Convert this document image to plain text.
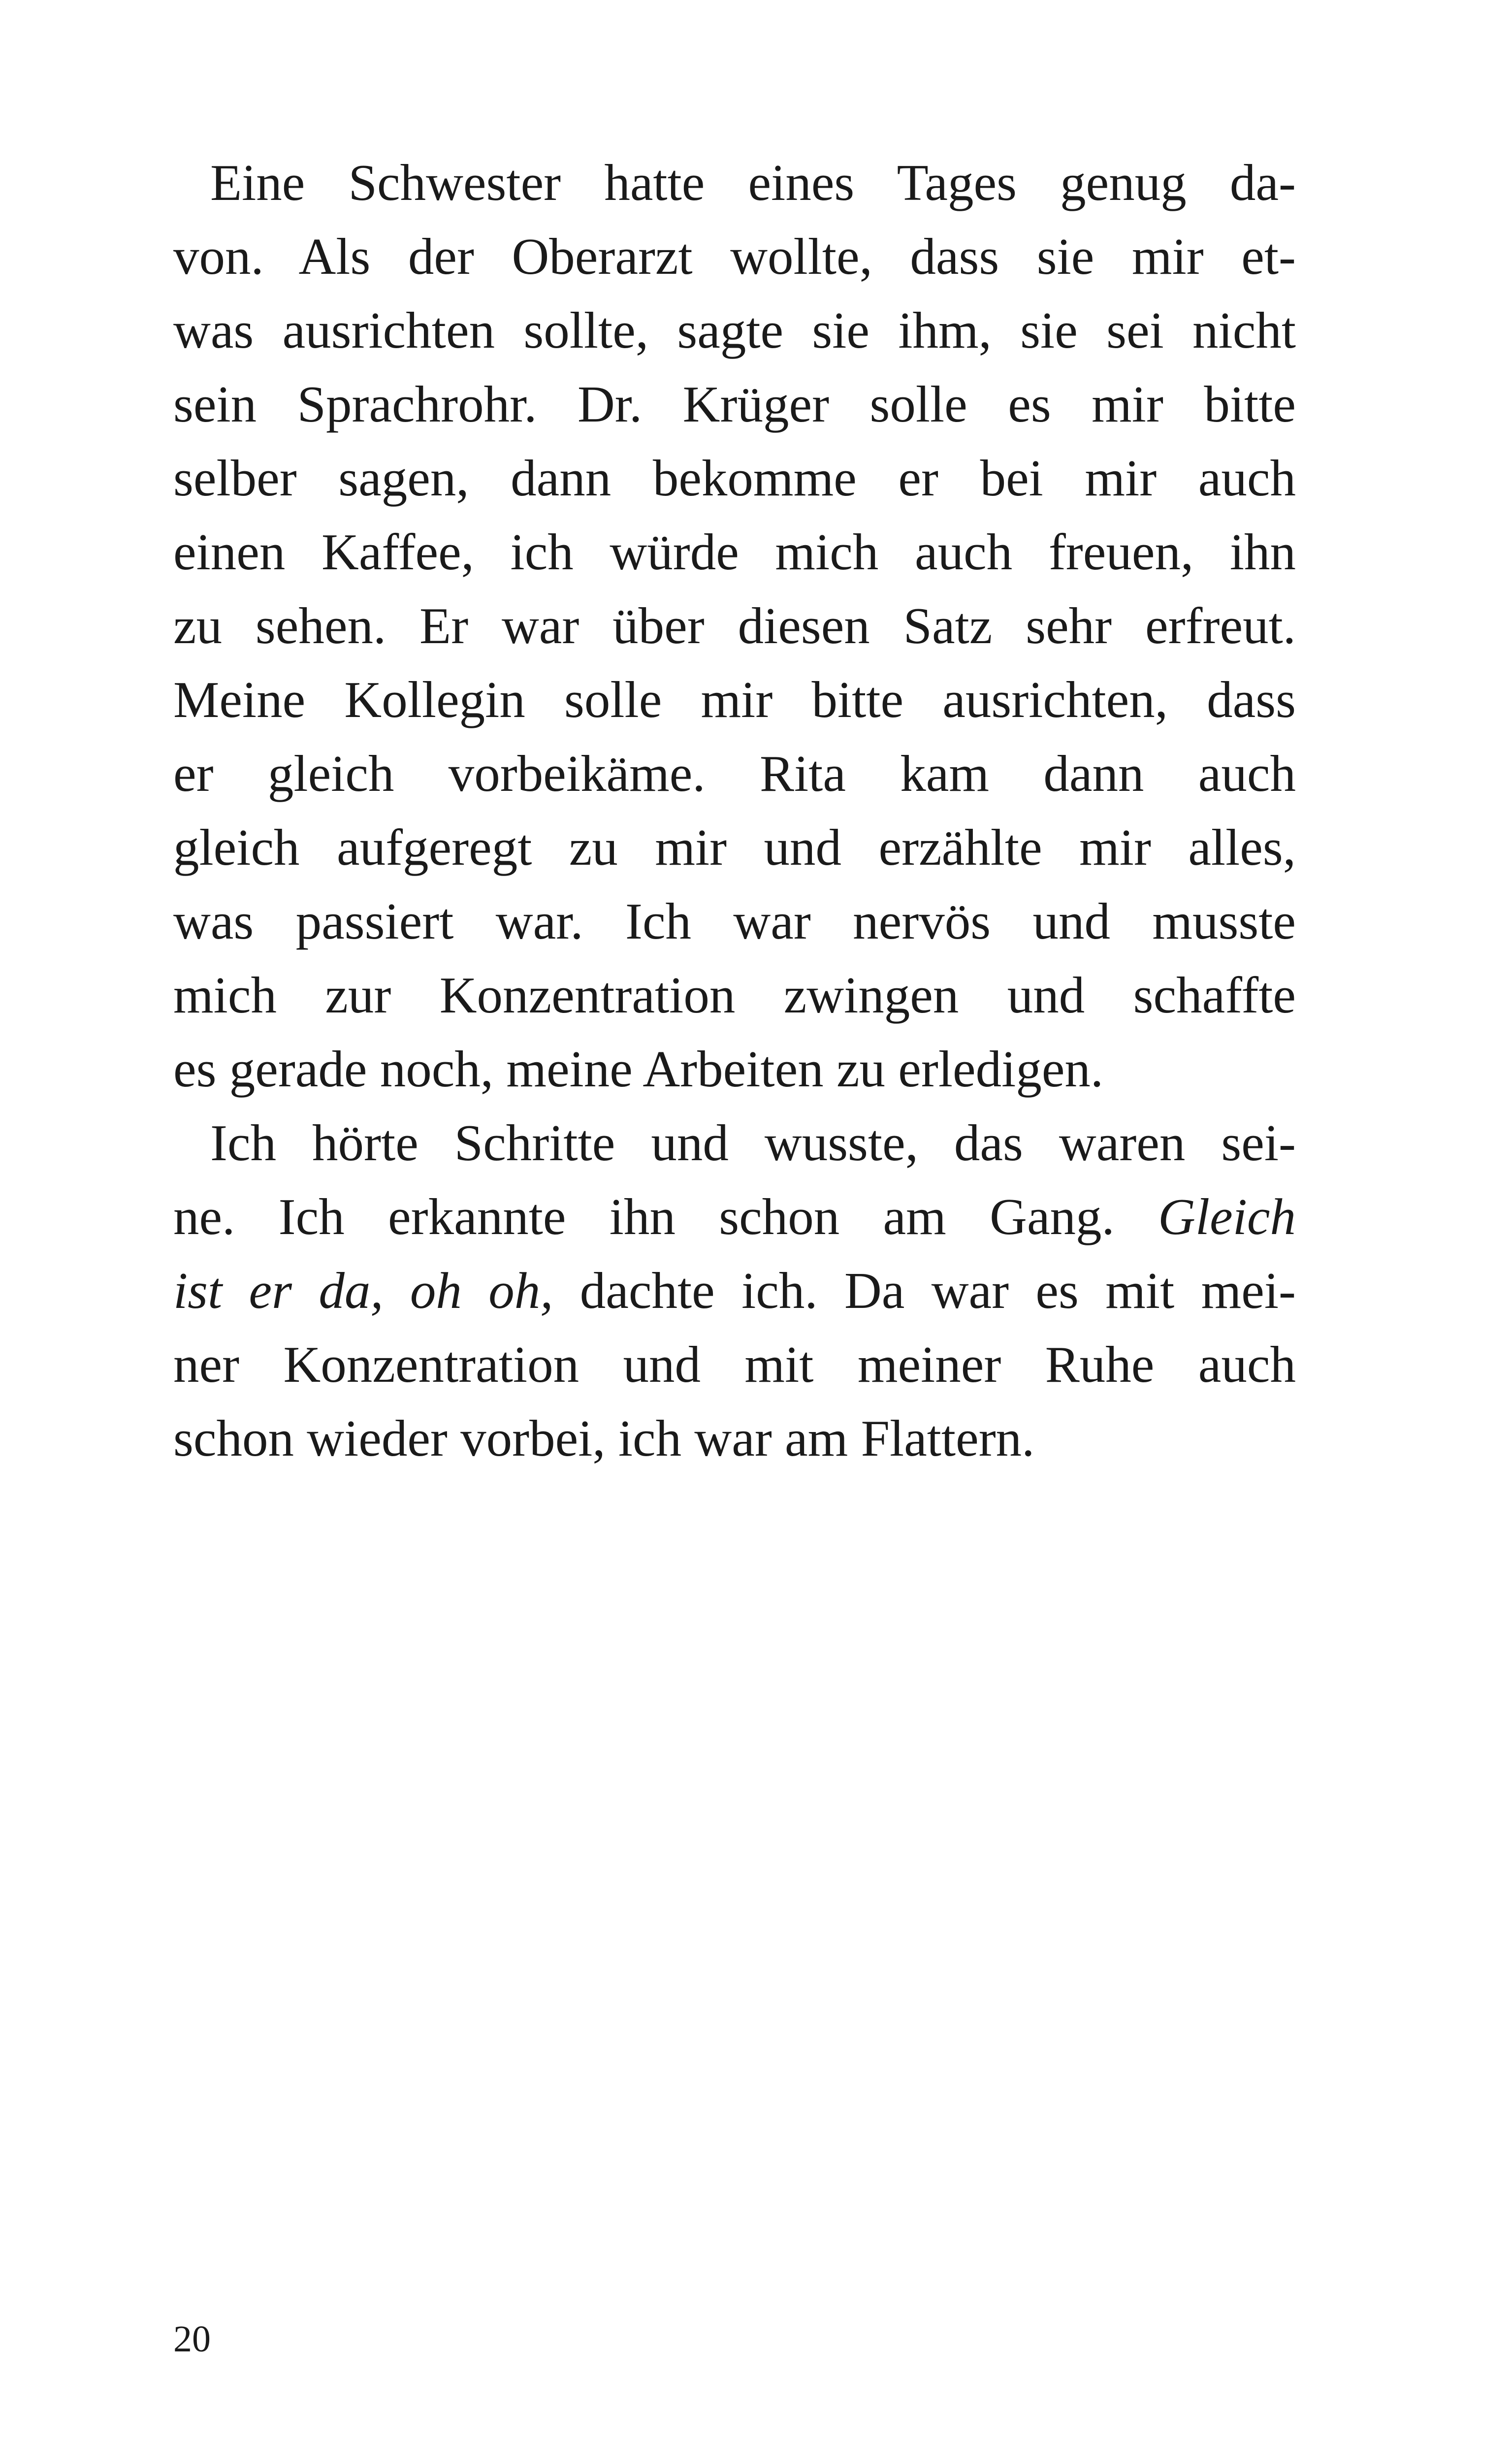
Eine Schwester hatte eines Tages genug da-
von. Als der Oberarzt wollte, dass sie mir et-
was ausrichten sollte, sagte sie ihm, sie sei nicht
sein Sprachrohr. Dr. Krüger solle es mir bitte
selber sagen, dann bekomme er bei mir auch
einen Kaffee, ich würde mich auch freuen, ihn
zu sehen. Er war über diesen Satz sehr erfreut.
Meine Kollegin solle mir bitte ausrichten, dass
er gleich vorbeikäme. Rita kam dann auch
gleich aufgeregt zu mir und erzählte mir alles,
was passiert war. Ich war nervös und musste
mich zur Konzentration zwingen und schaffte
es gerade noch, meine Arbeiten zu erledigen.
Ich hörte Schritte und wusste, das waren sei-
ne. Ich erkannte ihn schon am Gang. Gleich
ist er da, oh oh, dachte ich. Da war es mit mei-
ner Konzentration und mit meiner Ruhe auch
schon wieder vorbei, ich war am Flattern.
20
